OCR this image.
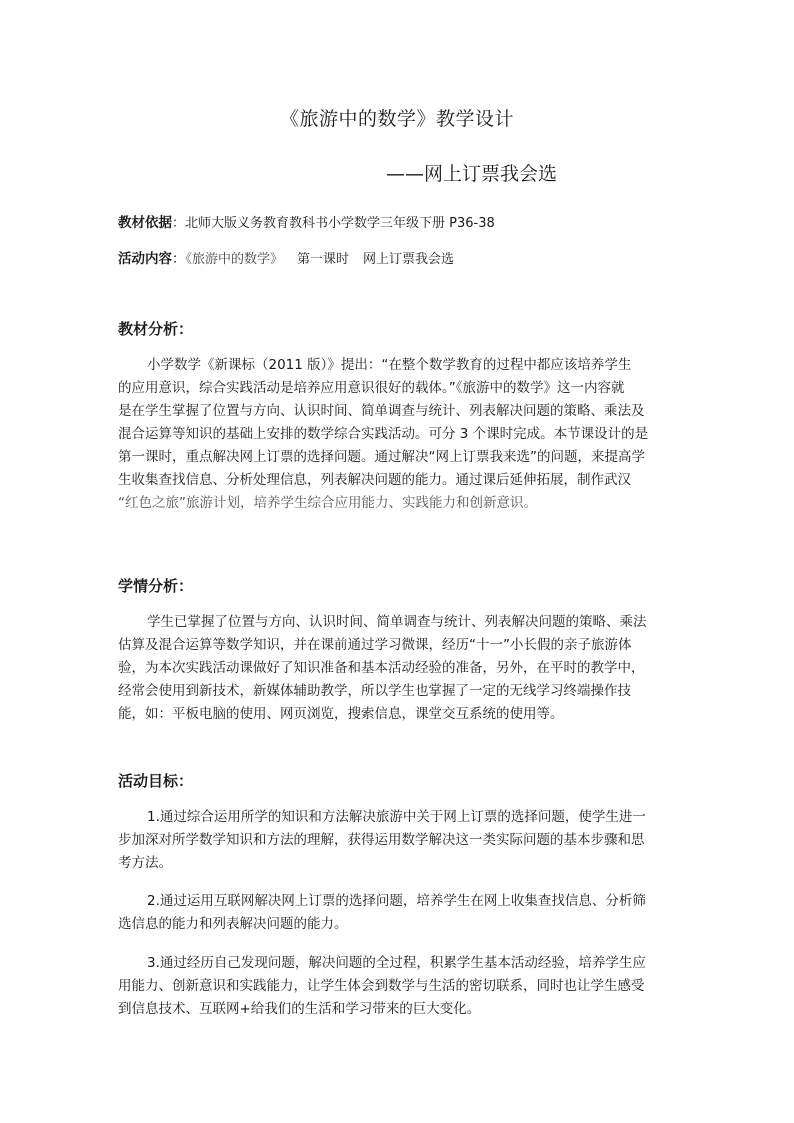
《旅游中的数学》教学设计
——网上订票我会选
教材依据：北师大版义务教育教科书小学数学三年级下册 P36-38
活动内容：《旅游中的数学》 第一课时 网上订票我会选
教材分析：
小学数学《新课标（2011 版）》提出：“在整个数学教育的过程中都应该培养学生
的应用意识，综合实践活动是培养应用意识很好的载体。”《旅游中的数学》这一内容就
是在学生掌握了位置与方向、认识时间、简单调查与统计、列表解决问题的策略、乘法及
混合运算等知识的基础上安排的数学综合实践活动。可分 3 个课时完成。本节课设计的是
第一课时，重点解决网上订票的选择问题。通过解决“网上订票我来选”的问题，来提高学
生收集查找信息、分析处理信息，列表解决问题的能力。通过课后延伸拓展，制作武汉
“红色之旅”旅游计划，培养学生综合应用能力、实践能力和创新意识。
学情分析：
学生已掌握了位置与方向、认识时间、简单调查与统计、列表解决问题的策略、乘法
估算及混合运算等数学知识，并在课前通过学习微课，经历“十一”小长假的亲子旅游体
验，为本次实践活动课做好了知识准备和基本活动经验的准备，另外，在平时的教学中，
经常会使用到新技术，新媒体辅助教学，所以学生也掌握了一定的无线学习终端操作技
能，如：平板电脑的使用、网页浏览，搜索信息，课堂交互系统的使用等。
活动目标：
1.通过综合运用所学的知识和方法解决旅游中关于网上订票的选择问题，使学生进一
步加深对所学数学知识和方法的理解，获得运用数学解决这一类实际问题的基本步骤和思
考方法。
2.通过运用互联网解决网上订票的选择问题，培养学生在网上收集查找信息、分析筛
选信息的能力和列表解决问题的能力。
3.通过经历自己发现问题，解决问题的全过程，积累学生基本活动经验，培养学生应
用能力、创新意识和实践能力，让学生体会到数学与生活的密切联系，同时也让学生感受
到信息技术、互联网+给我们的生活和学习带来的巨大变化。
